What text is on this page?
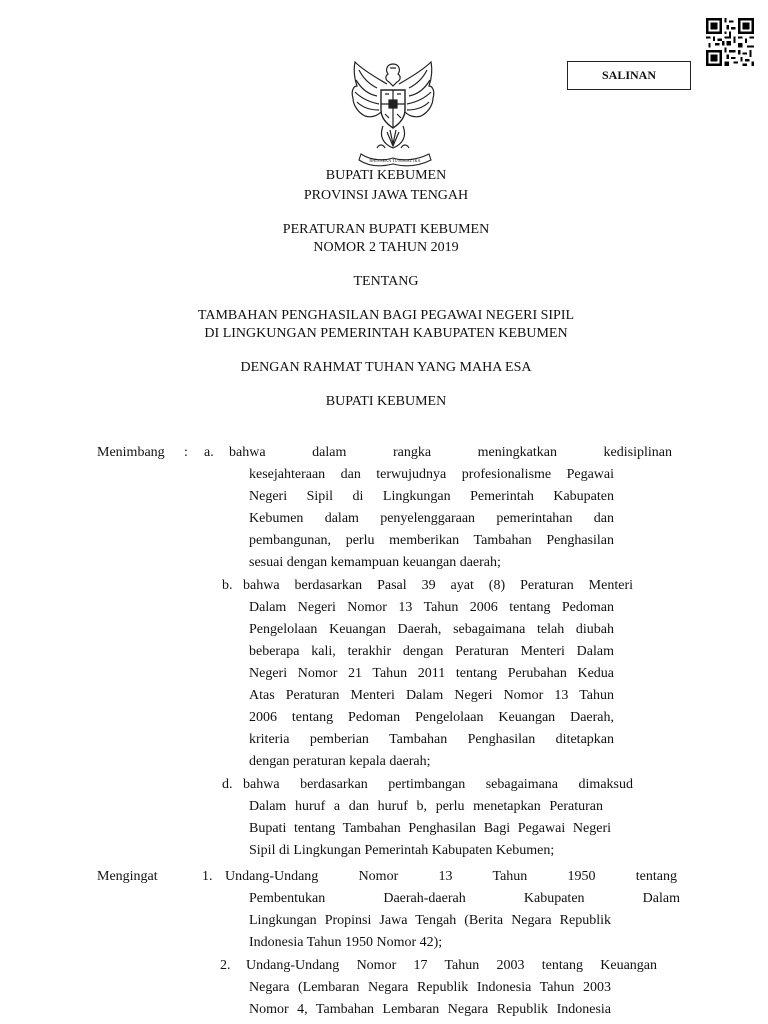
SALINAN
BHINNEKA TUNGGAL IKA
BUPATI KEBUMEN
PROVINSI JAWA TENGAH
PERATURAN BUPATI KEBUMEN
NOMOR 2 TAHUN 2019
TENTANG
TAMBAHAN PENGHASILAN BAGI PEGAWAI NEGERI SIPIL
DI LINGKUNGAN PEMERINTAH KABUPATEN KEBUMEN
DENGAN RAHMAT TUHAN YANG MAHA ESA
BUPATI KEBUMEN
Menimbang : a. bahwa dalam rangka meningkatkan kedisiplinan
kesejahteraan dan terwujudnya profesionalisme Pegawai
Negeri Sipil di Lingkungan Pemerintah Kabupaten
Kebumen dalam penyelenggaraan pemerintahan dan
pembangunan, perlu memberikan Tambahan Penghasilan
sesuai dengan kemampuan keuangan daerah;
b. bahwa berdasarkan Pasal 39 ayat (8) Peraturan Menteri
Dalam Negeri Nomor 13 Tahun 2006 tentang Pedoman
Pengelolaan Keuangan Daerah, sebagaimana telah diubah
beberapa kali, terakhir dengan Peraturan Menteri Dalam
Negeri Nomor 21 Tahun 2011 tentang Perubahan Kedua
Atas Peraturan Menteri Dalam Negeri Nomor 13 Tahun
2006 tentang Pedoman Pengelolaan Keuangan Daerah,
kriteria pemberian Tambahan Penghasilan ditetapkan
dengan peraturan kepala daerah;
d. bahwa berdasarkan pertimbangan sebagaimana dimaksud
Dalam huruf a dan huruf b, perlu menetapkan Peraturan
Bupati tentang Tambahan Penghasilan Bagi Pegawai Negeri
Sipil di Lingkungan Pemerintah Kabupaten Kebumen;
Mengingat	1. Undang-Undang Nomor 13 Tahun 1950 tentang
Pembentukan Daerah-daerah Kabupaten Dalam
Lingkungan Propinsi Jawa Tengah (Berita Negara Republik
Indonesia Tahun 1950 Nomor 42);
2. Undang-Undang Nomor 17 Tahun 2003 tentang Keuangan
Negara (Lembaran Negara Republik Indonesia Tahun 2003
Nomor 4, Tambahan Lembaran Negara Republik Indonesia
